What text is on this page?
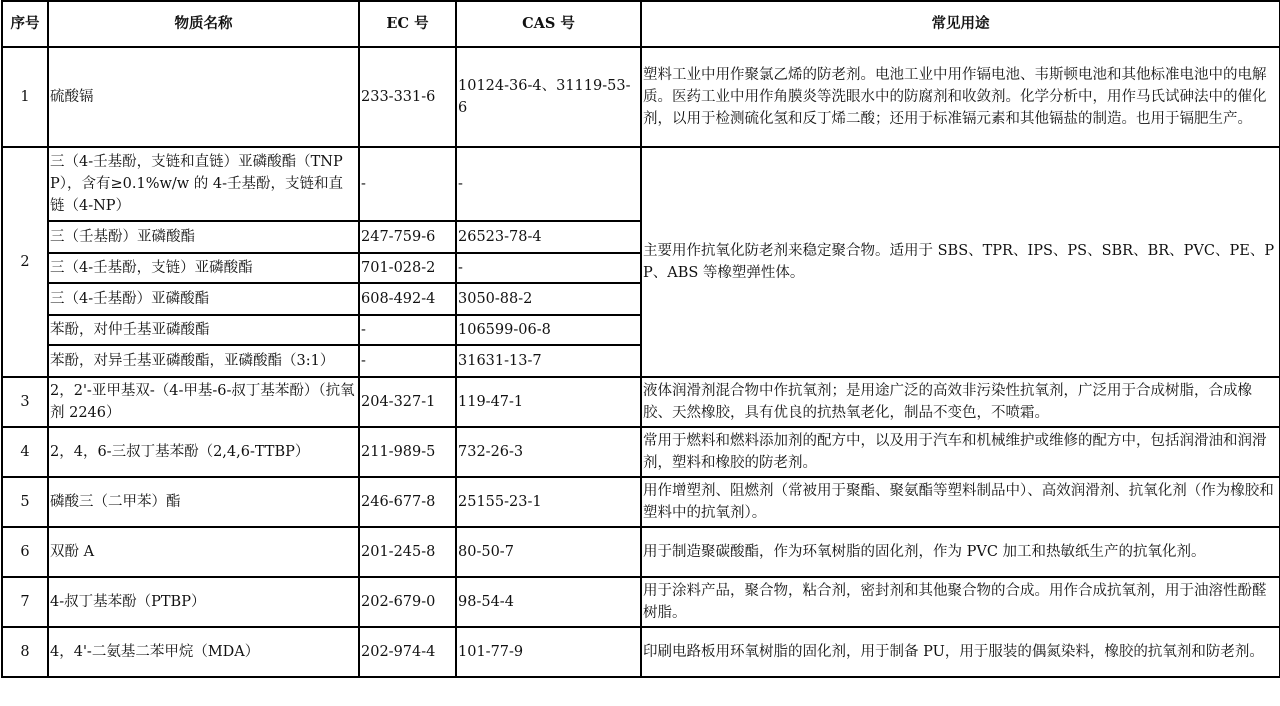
序号	物质名称	EC 号	CAS 号	常见用途
1	硫酸镉	233-331-6	10124-36-4、31119-53-6	塑料工业中用作聚氯乙烯的防老剂。电池工业中用作镉电池、韦斯顿电池和其他标准电池中的电解质。医药工业中用作角膜炎等洗眼水中的防腐剂和收敛剂。化学分析中，用作马氏试砷法中的催化剂，以用于检测硫化氢和反丁烯二酸；还用于标准镉元素和其他镉盐的制造。也用于镉肥生产。
2	三（4-壬基酚，支链和直链）亚磷酸酯（TNPP），含有≥0.1%w/w 的 4-壬基酚，支链和直链（4-NP）	-	-	主要用作抗氧化防老剂来稳定聚合物。适用于 SBS、TPR、IPS、PS、SBR、BR、PVC、PE、PP、ABS 等橡塑弹性体。
	三（壬基酚）亚磷酸酯	247-759-6	26523-78-4	
	三（4-壬基酚，支链）亚磷酸酯	701-028-2	-	
	三（4-壬基酚）亚磷酸酯	608-492-4	3050-88-2	
	苯酚，对仲壬基亚磷酸酯	-	106599-06-8	
	苯酚，对异壬基亚磷酸酯，亚磷酸酯（3:1）	-	31631-13-7	
3	2，2'-亚甲基双-（4-甲基-6-叔丁基苯酚）（抗氧剂 2246）	204-327-1	119-47-1	液体润滑剂混合物中作抗氧剂；是用途广泛的高效非污染性抗氧剂，广泛用于合成树脂，合成橡胶、天然橡胶，具有优良的抗热氧老化，制品不变色，不喷霜。
4	2，4，6-三叔丁基苯酚（2,4,6-TTBP）	211-989-5	732-26-3	常用于燃料和燃料添加剂的配方中，以及用于汽车和机械维护或维修的配方中，包括润滑油和润滑剂，塑料和橡胶的防老剂。
5	磷酸三（二甲苯）酯	246-677-8	25155-23-1	用作增塑剂、阻燃剂（常被用于聚酯、聚氨酯等塑料制品中）、高效润滑剂、抗氧化剂（作为橡胶和塑料中的抗氧剂）。
6	双酚 A	201-245-8	80-50-7	用于制造聚碳酸酯，作为环氧树脂的固化剂，作为 PVC 加工和热敏纸生产的抗氧化剂。
7	4-叔丁基苯酚（PTBP）	202-679-0	98-54-4	用于涂料产品，聚合物，粘合剂，密封剂和其他聚合物的合成。用作合成抗氧剂，用于油溶性酚醛树脂。
8	4，4'-二氨基二苯甲烷（MDA）	202-974-4	101-77-9	印刷电路板用环氧树脂的固化剂，用于制备 PU，用于服装的偶氮染料，橡胶的抗氧剂和防老剂。
